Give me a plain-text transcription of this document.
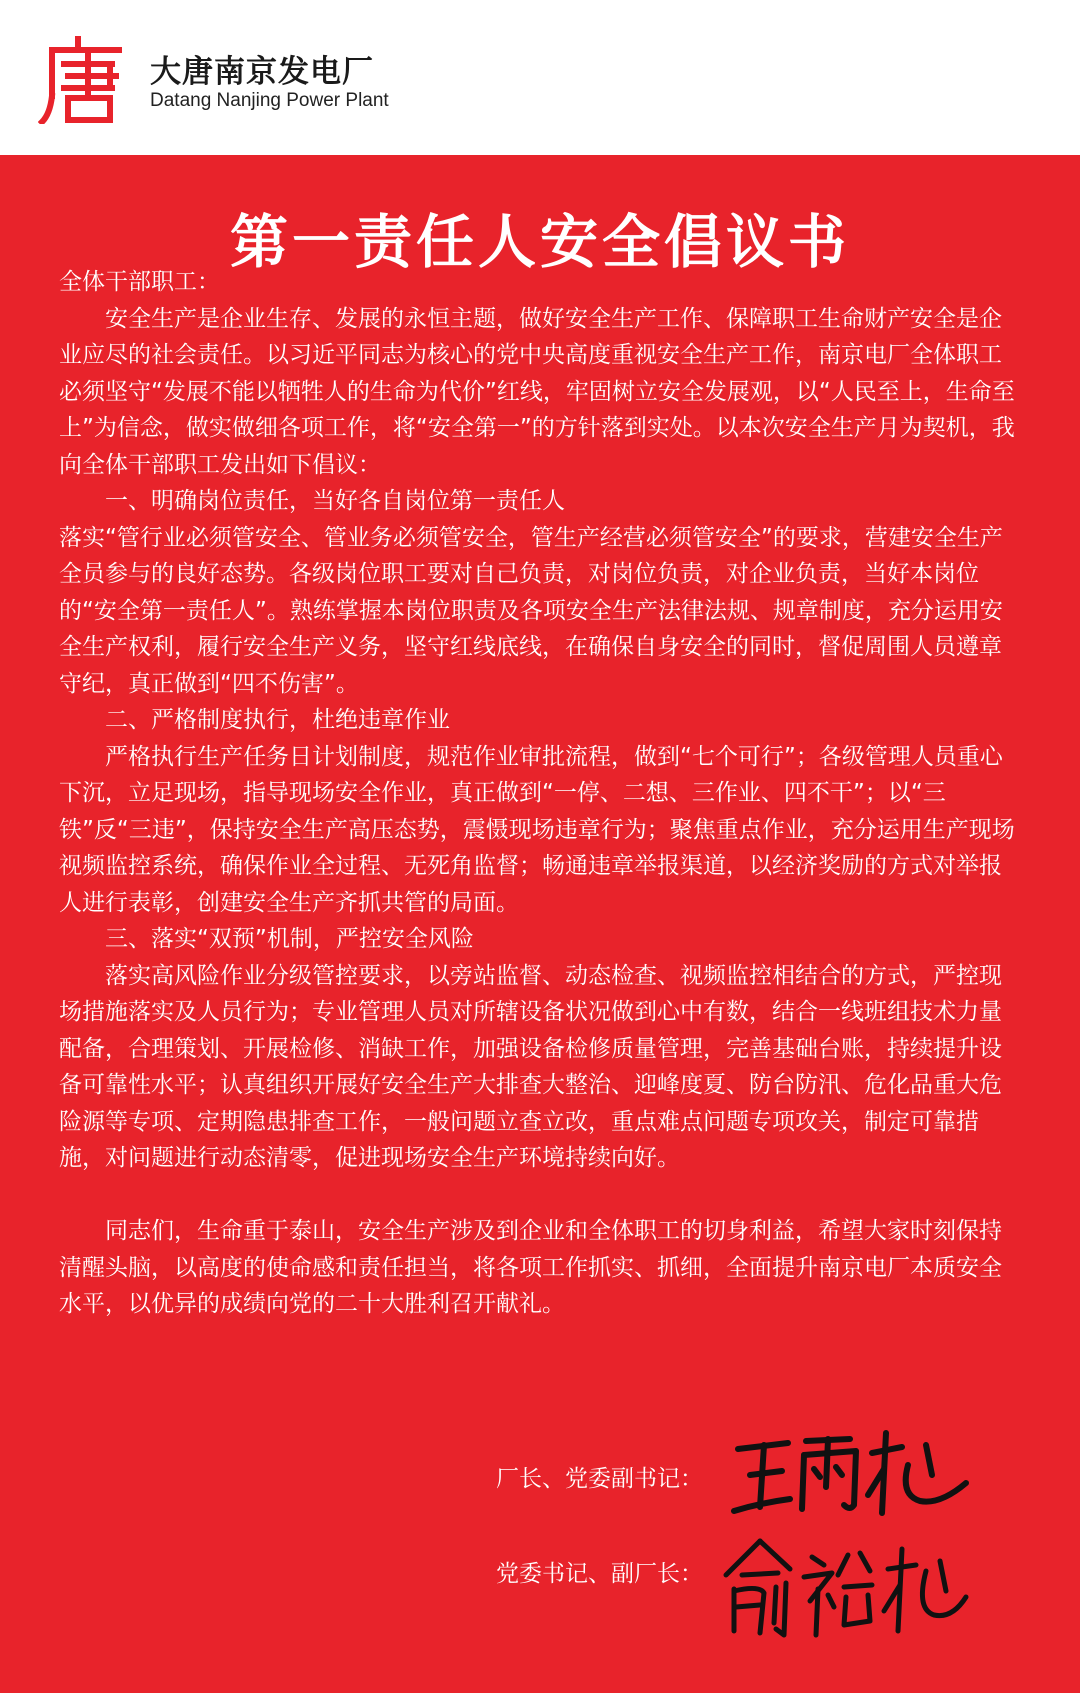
大唐南京发电厂
Datang Nanjing Power Plant
第一责任人安全倡议书

全体干部职工：

安全生产是企业生存、发展的永恒主题，做好安全生产工作、保障职工生命财产安全是企业应尽的社会责任。以习近平同志为核心的党中央高度重视安全生产工作，南京电厂全体职工必须坚守“发展不能以牺牲人的生命为代价”红线，牢固树立安全发展观，以“人民至上，生命至上”为信念，做实做细各项工作，将“安全第一”的方针落到实处。以本次安全生产月为契机，我向全体干部职工发出如下倡议：

一、明确岗位责任，当好各自岗位第一责任人

落实“管行业必须管安全、管业务必须管安全，管生产经营必须管安全”的要求，营建安全生产全员参与的良好态势。各级岗位职工要对自己负责，对岗位负责，对企业负责，当好本岗位的“安全第一责任人”。熟练掌握本岗位职责及各项安全生产法律法规、规章制度，充分运用安全生产权利，履行安全生产义务，坚守红线底线，在确保自身安全的同时，督促周围人员遵章守纪，真正做到“四不伤害”。

二、严格制度执行，杜绝违章作业

严格执行生产任务日计划制度，规范作业审批流程，做到“七个可行”；各级管理人员重心下沉，立足现场，指导现场安全作业，真正做到“一停、二想、三作业、四不干”；以“三铁”反“三违”，保持安全生产高压态势，震慑现场违章行为；聚焦重点作业，充分运用生产现场视频监控系统，确保作业全过程、无死角监督；畅通违章举报渠道，以经济奖励的方式对举报人进行表彰，创建安全生产齐抓共管的局面。

三、落实“双预”机制，严控安全风险

落实高风险作业分级管控要求，以旁站监督、动态检查、视频监控相结合的方式，严控现场措施落实及人员行为；专业管理人员对所辖设备状况做到心中有数，结合一线班组技术力量配备，合理策划、开展检修、消缺工作，加强设备检修质量管理，完善基础台账，持续提升设备可靠性水平；认真组织开展好安全生产大排查大整治、迎峰度夏、防台防汛、危化品重大危险源等专项、定期隐患排查工作，一般问题立查立改，重点难点问题专项攻关，制定可靠措施，对问题进行动态清零，促进现场安全生产环境持续向好。

同志们，生命重于泰山，安全生产涉及到企业和全体职工的切身利益，希望大家时刻保持清醒头脑，以高度的使命感和责任担当，将各项工作抓实、抓细，全面提升南京电厂本质安全水平，以优异的成绩向党的二十大胜利召开献礼。

厂长、党委副书记：
党委书记、副厂长：
